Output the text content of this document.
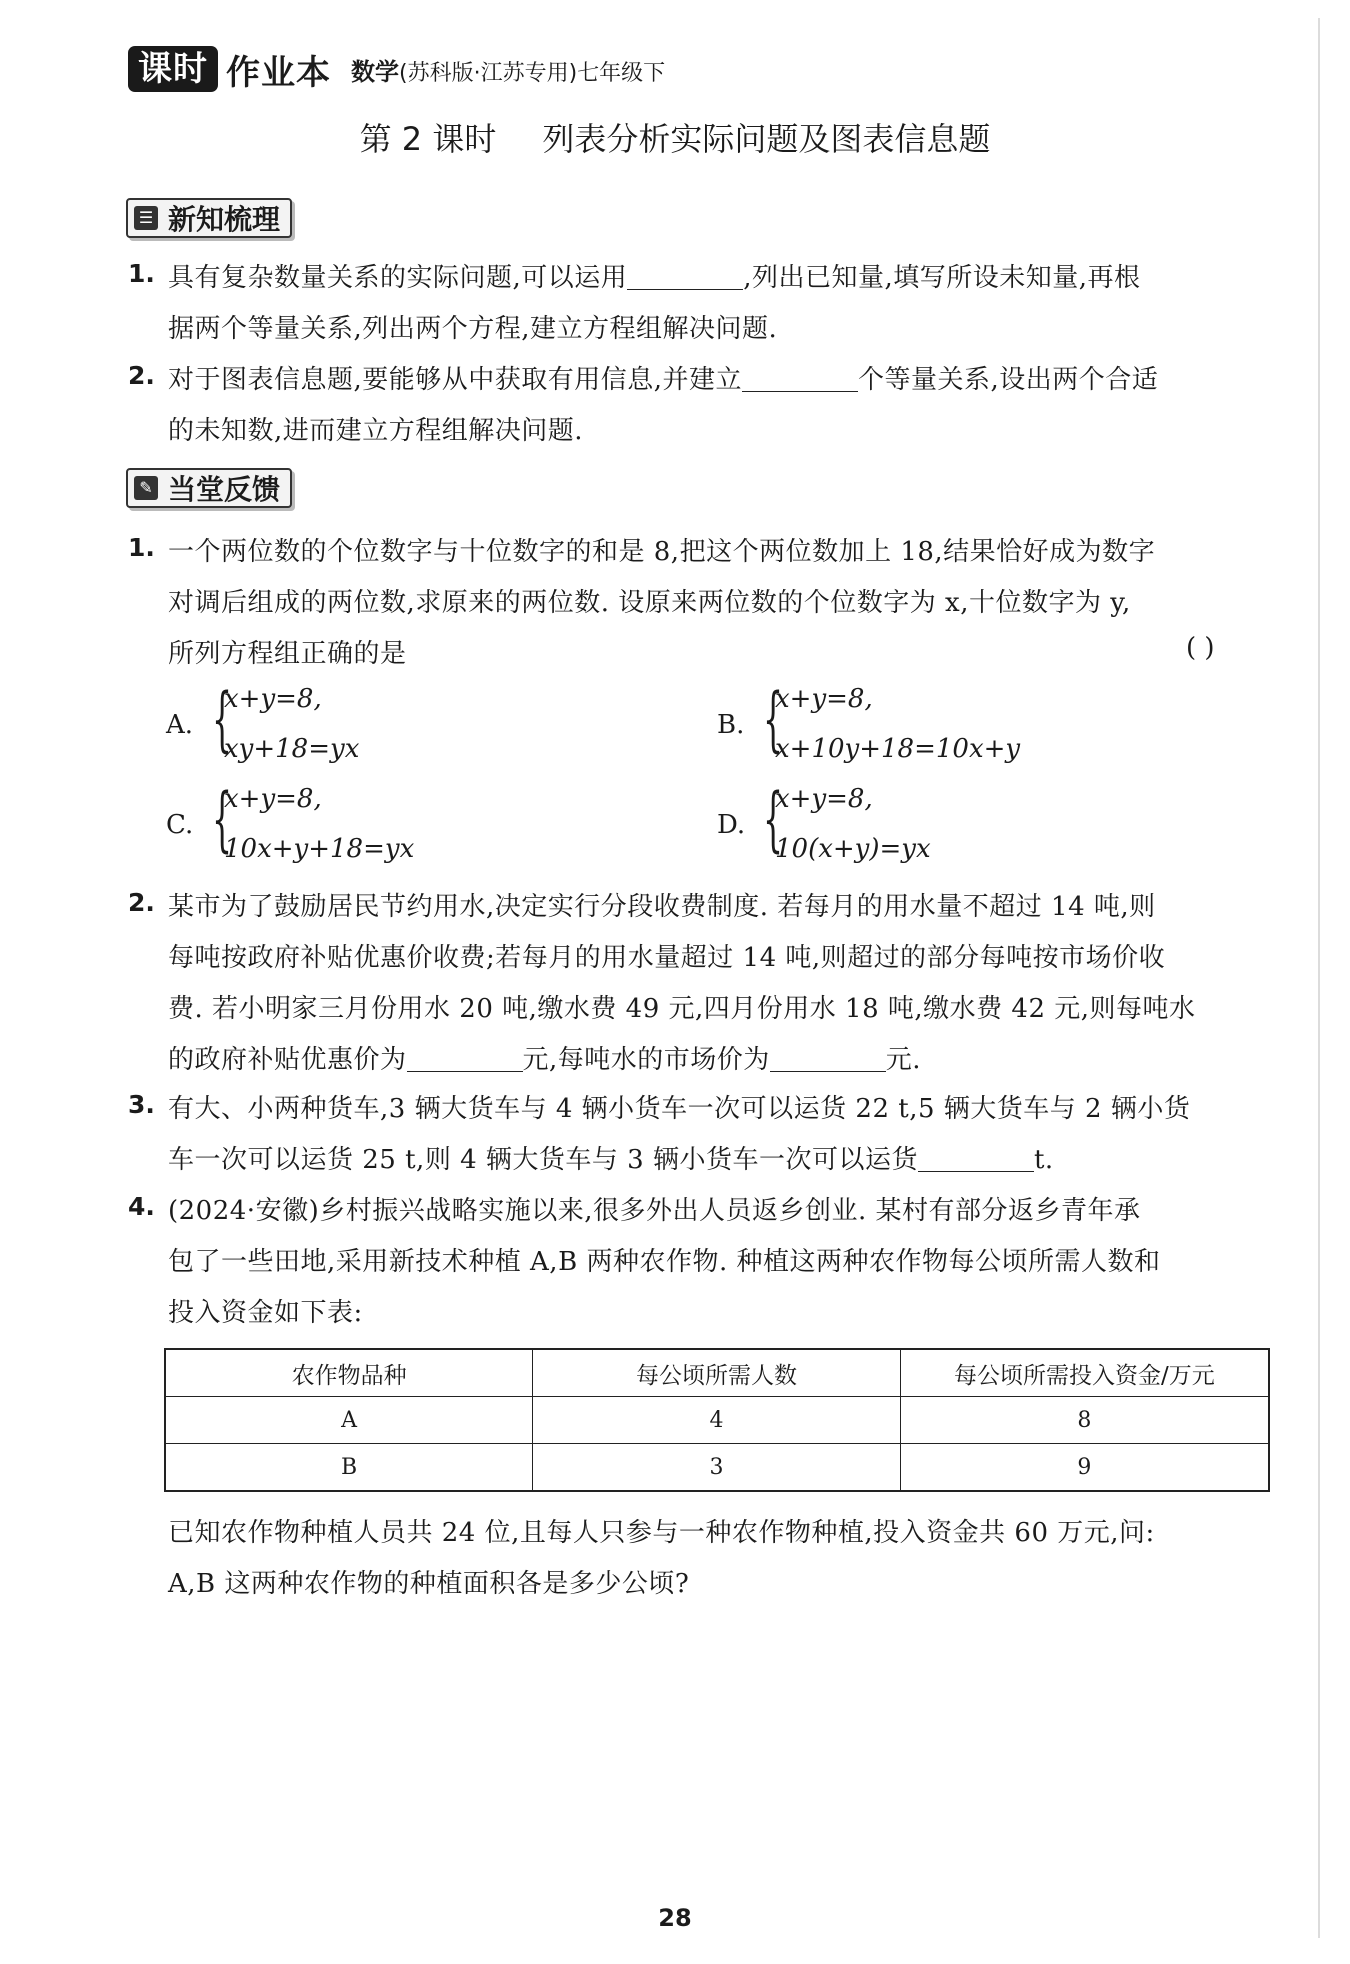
课时 作业本 数学(苏科版·江苏专用)七年级下
第 2 课时 列表分析实际问题及图表信息题
☰ 新知梳理
1. 具有复杂数量关系的实际问题,可以运用	,列出已知量,填写所设未知量,再根
据两个等量关系,列出两个方程,建立方程组解决问题.
2. 对于图表信息题,要能够从中获取有用信息,并建立	个等量关系,设出两个合适
的未知数,进而建立方程组解决问题.
✎ 当堂反馈
1. 一个两位数的个位数字与十位数字的和是 8,把这个两位数加上 18,结果恰好成为数字
对调后组成的两位数,求原来的两位数. 设原来两位数的个位数字为 x,十位数字为 y,
所列方程组正确的是	( )
A. {
x+y=8,
xy+18=yx
B. {
x+y=8,
x+10y+18=10x+y
C. {
x+y=8,
10x+y+18=yx
D. {
x+y=8,
10(x+y)=yx
2. 某市为了鼓励居民节约用水,决定实行分段收费制度. 若每月的用水量不超过 14 吨,则
每吨按政府补贴优惠价收费;若每月的用水量超过 14 吨,则超过的部分每吨按市场价收
费. 若小明家三月份用水 20 吨,缴水费 49 元,四月份用水 18 吨,缴水费 42 元,则每吨水
的政府补贴优惠价为	元,每吨水的市场价为	元.
3. 有大、小两种货车,3 辆大货车与 4 辆小货车一次可以运货 22 t,5 辆大货车与 2 辆小货
车一次可以运货 25 t,则 4 辆大货车与 3 辆小货车一次可以运货	t.
4. (2024·安徽)乡村振兴战略实施以来,很多外出人员返乡创业. 某村有部分返乡青年承
包了一些田地,采用新技术种植 A,B 两种农作物. 种植这两种农作物每公顷所需人数和
投入资金如下表:
农作物品种	每公顷所需人数	每公顷所需投入资金/万元
A	4	8
B	3	9
已知农作物种植人员共 24 位,且每人只参与一种农作物种植,投入资金共 60 万元,问:
A,B 这两种农作物的种植面积各是多少公顷?
28
